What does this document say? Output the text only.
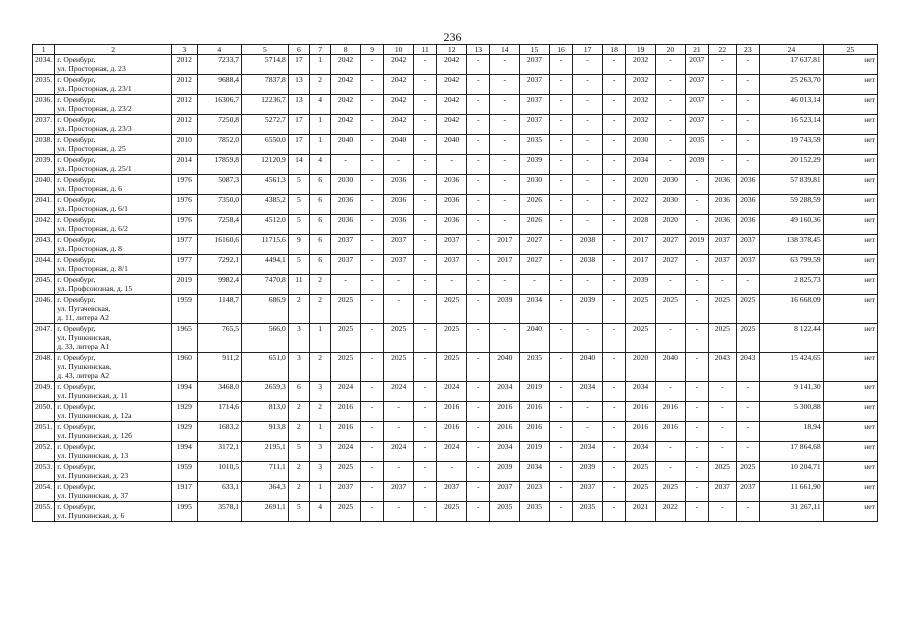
236
1	2	3	4	5	6	7	8	9	10	11	12	13	14	15	16	17	18	19	20	21	22	23	24	25
2034.	г. Оренбург,
ул. Просторная, д. 23	2012	7233,7	5714,8	17	1	2042	-	2042	-	2042	-	-	2037	-	-	-	2032	-	2037	-	-	17 637,81	нет
2035.	г. Оренбург,
ул. Просторная, д. 23/1	2012	9688,4	7837,8	13	2	2042	-	2042	-	2042	-	-	2037	-	-	-	2032	-	2037	-	-	25 263,70	нет
2036.	г. Оренбург,
ул. Просторная, д. 23/2	2012	16306,7	12236,7	13	4	2042	-	2042	-	2042	-	-	2037	-	-	-	2032	-	2037	-	-	46 013,14	нет
2037.	г. Оренбург,
ул. Просторная, д. 23/3	2012	7250,8	5272,7	17	1	2042	-	2042	-	2042	-	-	2037	-	-	-	2032	-	2037	-	-	16 523,14	нет
2038.	г. Оренбург,
ул. Просторная, д. 25	2010	7852,0	6550,0	17	1	2040	-	2040	-	2040	-	-	2035	-	-	-	2030	-	2035	-	-	19 743,59	нет
2039.	г. Оренбург,
ул. Просторная, д. 25/1	2014	17859,8	12120,9	14	4	-	-	-	-	-	-	-	2039	-	-	-	2034	-	2039	-	-	20 152,29	нет
2040.	г. Оренбург,
ул. Просторная, д. 6	1976	5087,3	4561,3	5	6	2030	-	2036	-	2036	-	-	2030	-	-	-	2020	2030	-	2036	2036	57 839,81	нет
2041.	г. Оренбург,
ул. Просторная, д. 6/1	1976	7350,0	4385,2	5	6	2036	-	2036	-	2036	-	-	2026	-	-	-	2022	2030	-	2036	2036	59 288,59	нет
2042.	г. Оренбург,
ул. Просторная, д. 6/2	1976	7258,4	4512,0	5	6	2036	-	2036	-	2036	-	-	2026	-	-	-	2028	2020	-	2036	2036	49 160,36	нет
2043.	г. Оренбург,
ул. Просторная, д. 8	1977	16160,6	11715,6	9	6	2037	-	2037	-	2037	-	2017	2027	-	2038	-	2017	2027	2019	2037	2037	138 378,45	нет
2044.	г. Оренбург,
ул. Просторная, д. 8/1	1977	7292,1	4494,1	5	6	2037	-	2037	-	2037	-	2017	2027	-	2038	-	2017	2027	-	2037	2037	63 799,59	нет
2045.	г. Оренбург,
ул. Профсоюзная, д. 15	2019	9982,4	7470,8	11	2	-	-	-	-	-	-	-	-	-	-	-	2039	-	-	-	-	2 825,73	нет
2046.	г. Оренбург,
ул. Пугачевская,
д. 11, литера А2	1959	1148,7	686,9	2	2	2025	-	-	-	2025	-	2039	2034	-	2039	-	2025	2025	-	2025	2025	16 668,09	нет
2047.	г. Оренбург,
ул. Пушкинская,
д. 33, литера А1	1965	765,5	566,0	3	1	2025	-	2025	-	2025	-	-	2040	-	-	-	2025	-	-	2025	2025	8 122,44	нет
2048.	г. Оренбург,
ул. Пушкинская,
д. 43, литера А2	1960	911,2	651,0	3	2	2025	-	2025	-	2025	-	2040	2035	-	2040	-	2020	2040	-	2043	2043	15 424,65	нет
2049.	г. Оренбург,
ул. Пушкинская, д. 11	1994	3468,0	2659,3	6	3	2024	-	2024	-	2024	-	2034	2019	-	2034	-	2034	-	-	-	-	9 141,30	нет
2050.	г. Оренбург,
ул. Пушкинская, д. 12а	1929	1714,6	813,0	2	2	2016	-	-	-	2016	-	2016	2016	-	-	-	2016	2016	-	-	-	5 300,88	нет
2051.	г. Оренбург,
ул. Пушкинская, д. 12б	1929	1683,2	913,8	2	1	2016	-	-	-	2016	-	2016	2016	-	-	-	2016	2016	-	-	-	18,94	нет
2052.	г. Оренбург,
ул. Пушкинская, д. 13	1994	3172,1	2195,1	5	3	2024	-	2024	-	2024	-	2034	2019	-	2034	-	2034	-	-	-	-	17 864,68	нет
2053.	г. Оренбург,
ул. Пушкинская, д. 23	1959	1010,5	711,1	2	3	2025	-	-	-	-	-	2039	2034	-	2039	-	2025	-	-	2025	2025	10 204,71	нет
2054.	г. Оренбург,
ул. Пушкинская, д. 37	1917	633,1	364,3	2	1	2037	-	2037	-	2037	-	2037	2023	-	2037	-	2025	2025	-	2037	2037	11 661,90	нет
2055.	г. Оренбург,
ул. Пушкинская, д. 6	1995	3578,1	2691,1	5	4	2025	-	-	-	2025	-	2035	2035	-	2035	-	2021	2022	-	-	-	31 267,11	нет
